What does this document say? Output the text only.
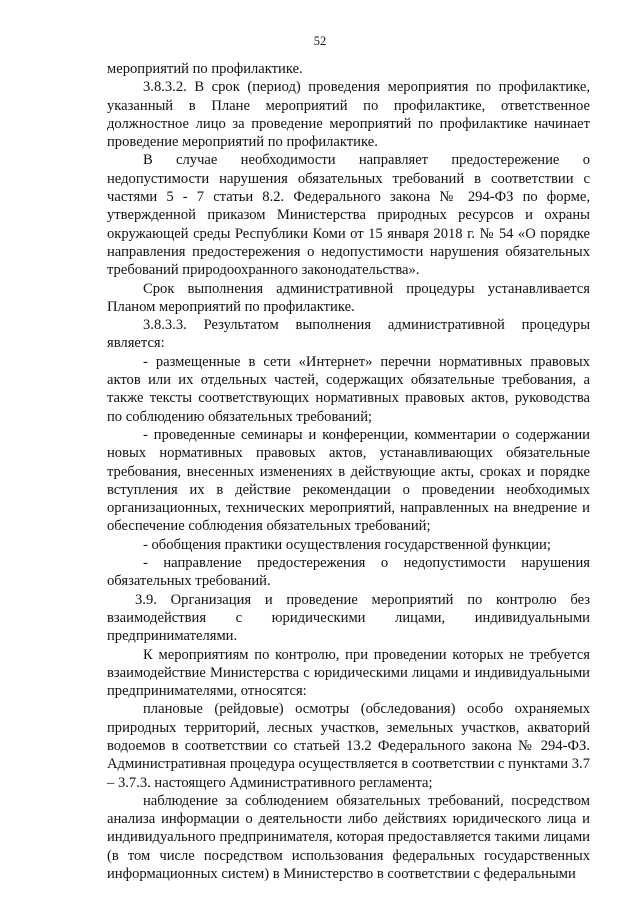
52

мероприятий по профилактике.

3.8.3.2. В срок (период) проведения мероприятия по профилактике, указанный в Плане мероприятий по профилактике, ответственное должностное лицо за проведение мероприятий по профилактике начинает проведение мероприятий по профилактике.

В случае необходимости направляет предостережение о недопустимости нарушения обязательных требований в соответствии с частями 5 - 7 статьи 8.2. Федерального закона № 294-ФЗ по форме, утвержденной приказом Министерства природных ресурсов и охраны окружающей среды Республики Коми от 15 января 2018 г. № 54 «О порядке направления предостережения о недопустимости нарушения обязательных требований природоохранного законодательства».

Срок выполнения административной процедуры устанавливается Планом мероприятий по профилактике.

3.8.3.3. Результатом выполнения административной процедуры является:

- размещенные в сети «Интернет» перечни нормативных правовых актов или их отдельных частей, содержащих обязательные требования, а также тексты соответствующих нормативных правовых актов, руководства по соблюдению обязательных требований;

- проведенные семинары и конференции, комментарии о содержании новых нормативных правовых актов, устанавливающих обязательные требования, внесенных изменениях в действующие акты, сроках и порядке вступления их в действие рекомендации о проведении необходимых организационных, технических мероприятий, направленных на внедрение и обеспечение соблюдения обязательных требований;

- обобщения практики осуществления государственной функции;

- направление предостережения о недопустимости нарушения обязательных требований.

3.9. Организация и проведение мероприятий по контролю без взаимодействия с юридическими лицами, индивидуальными предпринимателями.

К мероприятиям по контролю, при проведении которых не требуется взаимодействие Министерства с юридическими лицами и индивидуальными предпринимателями, относятся:

плановые (рейдовые) осмотры (обследования) особо охраняемых природных территорий, лесных участков, земельных участков, акваторий водоемов в соответствии со статьей 13.2 Федерального закона № 294-ФЗ. Административная процедура осуществляется в соответствии с пунктами 3.7 – 3.7.3. настоящего Административного регламента;

наблюдение за соблюдением обязательных требований, посредством анализа информации о деятельности либо действиях юридического лица и индивидуального предпринимателя, которая предоставляется такими лицами (в том числе посредством использования федеральных государственных информационных систем) в Министерство в соответствии с федеральными
